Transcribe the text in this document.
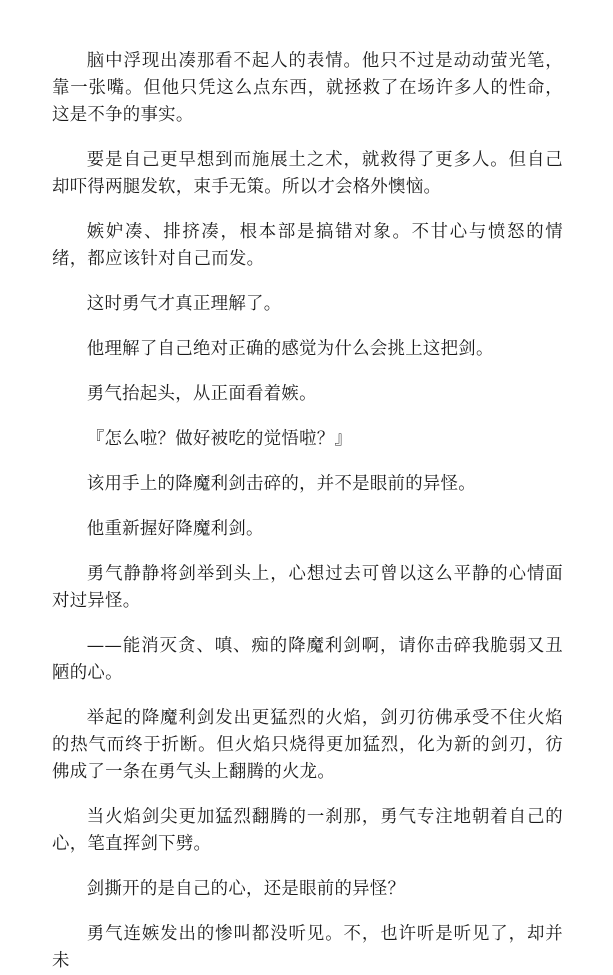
脑中浮现出凑那看不起人的表情。他只不过是动动萤光笔，靠一张嘴。但他只凭这么点东西，就拯救了在场许多人的性命，这是不争的事实。

要是自己更早想到而施展土之术，就救得了更多人。但自己却吓得两腿发软，束手无策。所以才会格外懊恼。

嫉妒凑、排挤凑，根本部是搞错对象。不甘心与愤怒的情绪，都应该针对自己而发。

这时勇气才真正理解了。

他理解了自己绝对正确的感觉为什么会挑上这把剑。

勇气抬起头，从正面看着嫉。

『怎么啦？做好被吃的觉悟啦？』

该用手上的降魔利剑击碎的，并不是眼前的异怪。

他重新握好降魔利剑。

勇气静静将剑举到头上，心想过去可曾以这么平静的心情面对过异怪。

——能消灭贪、嗔、痴的降魔利剑啊，请你击碎我脆弱又丑陋的心。

举起的降魔利剑发出更猛烈的火焰，剑刃彷佛承受不住火焰的热气而终于折断。但火焰只烧得更加猛烈，化为新的剑刃，彷佛成了一条在勇气头上翻腾的火龙。

当火焰剑尖更加猛烈翻腾的一刹那，勇气专注地朝着自己的心，笔直挥剑下劈。

剑撕开的是自己的心，还是眼前的异怪？

勇气连嫉发出的惨叫都没听见。不，也许听是听见了，却并未
